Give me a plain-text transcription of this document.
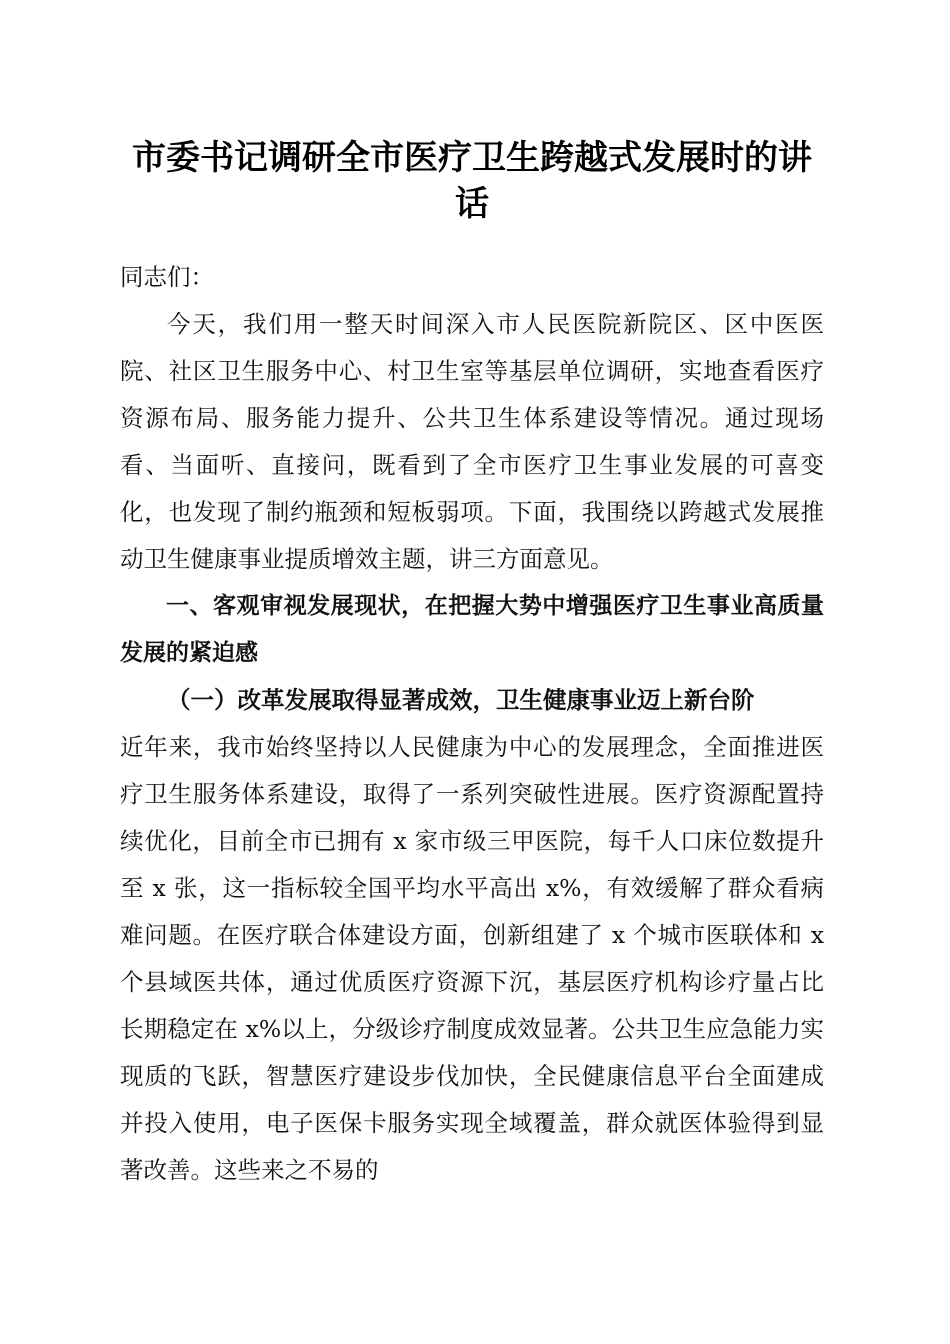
市委书记调研全市医疗卫生跨越式发展时的讲话

同志们：

今天，我们用一整天时间深入市人民医院新院区、区中医医院、社区卫生服务中心、村卫生室等基层单位调研，实地查看医疗资源布局、服务能力提升、公共卫生体系建设等情况。通过现场看、当面听、直接问，既看到了全市医疗卫生事业发展的可喜变化，也发现了制约瓶颈和短板弱项。下面，我围绕以跨越式发展推动卫生健康事业提质增效主题，讲三方面意见。

一、客观审视发展现状，在把握大势中增强医疗卫生事业高质量发展的紧迫感

（一）改革发展取得显著成效，卫生健康事业迈上新台阶

近年来，我市始终坚持以人民健康为中心的发展理念，全面推进医疗卫生服务体系建设，取得了一系列突破性进展。医疗资源配置持续优化，目前全市已拥有 x 家市级三甲医院，每千人口床位数提升至 x 张，这一指标较全国平均水平高出 x%，有效缓解了群众看病难问题。在医疗联合体建设方面，创新组建了 x 个城市医联体和 x 个县域医共体，通过优质医疗资源下沉，基层医疗机构诊疗量占比长期稳定在 x%以上，分级诊疗制度成效显著。公共卫生应急能力实现质的飞跃，智慧医疗建设步伐加快，全民健康信息平台全面建成并投入使用，电子医保卡服务实现全域覆盖，群众就医体验得到显著改善。这些来之不易的
